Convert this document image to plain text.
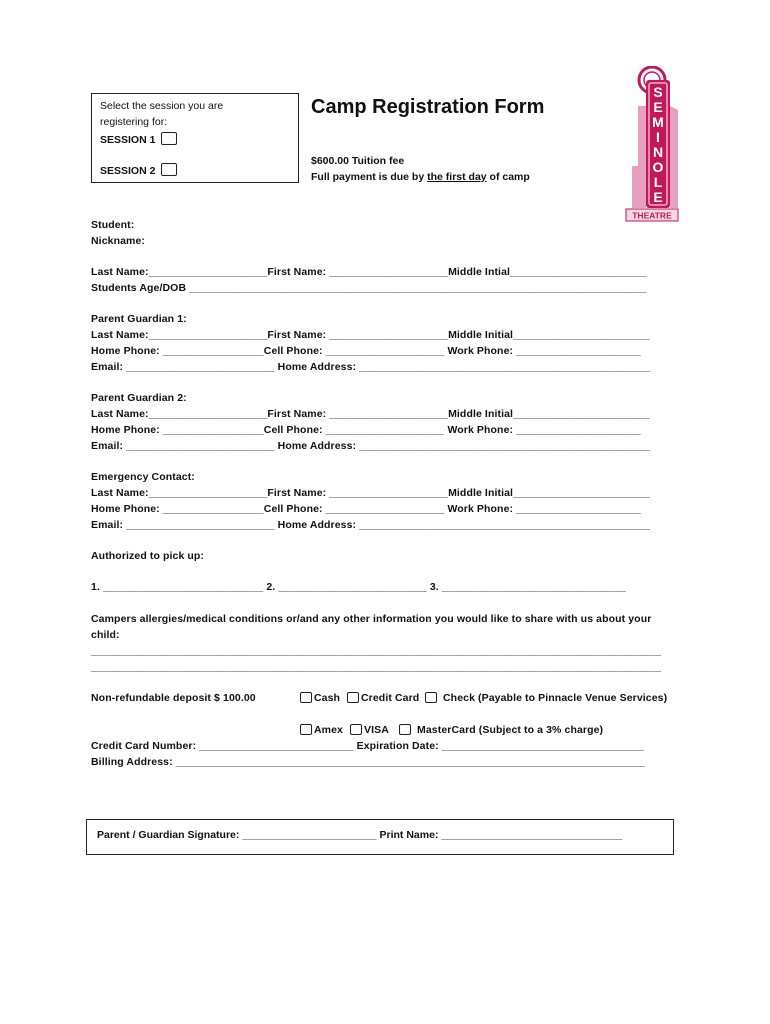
Select the session you are
registering for:
SESSION 1
SESSION 2
Camp Registration Form
$600.00 Tuition fee
Full payment is due by the first day of camp
S
E
M
I
N
O
L
E
THEATRE
Student:
Nickname:
Last Name:____________________First Name: ____________________Middle Intial_______________________
Students Age/DOB _____________________________________________________________________________
Parent Guardian 1:
Last Name:____________________First Name: ____________________Middle Initial_______________________
Home Phone: _________________Cell Phone: ____________________ Work Phone: _____________________
Email: _________________________ Home Address: _________________________________________________
Parent Guardian 2:
Last Name:____________________First Name: ____________________Middle Initial_______________________
Home Phone: _________________Cell Phone: ____________________ Work Phone: _____________________
Email: _________________________ Home Address: _________________________________________________
Emergency Contact:
Last Name:____________________First Name: ____________________Middle Initial_______________________
Home Phone: _________________Cell Phone: ____________________ Work Phone: _____________________
Email: _________________________ Home Address: _________________________________________________
Authorized to pick up:
1. ___________________________ 2. _________________________ 3. _______________________________
Campers allergies/medical conditions or/and any other information you would like to share with us about your
child:
________________________________________________________________________________________________
________________________________________________________________________________________________
Non-refundable deposit $ 100.00	Cash	Credit Card	Check (Payable to Pinnacle Venue Services)
Amex	VISA	MasterCard (Subject to a 3% charge)
Credit Card Number: __________________________ Expiration Date: __________________________________
Billing Address: _______________________________________________________________________________
Parent / Guardian Signature: _______________________ Print Name: _______________________________
